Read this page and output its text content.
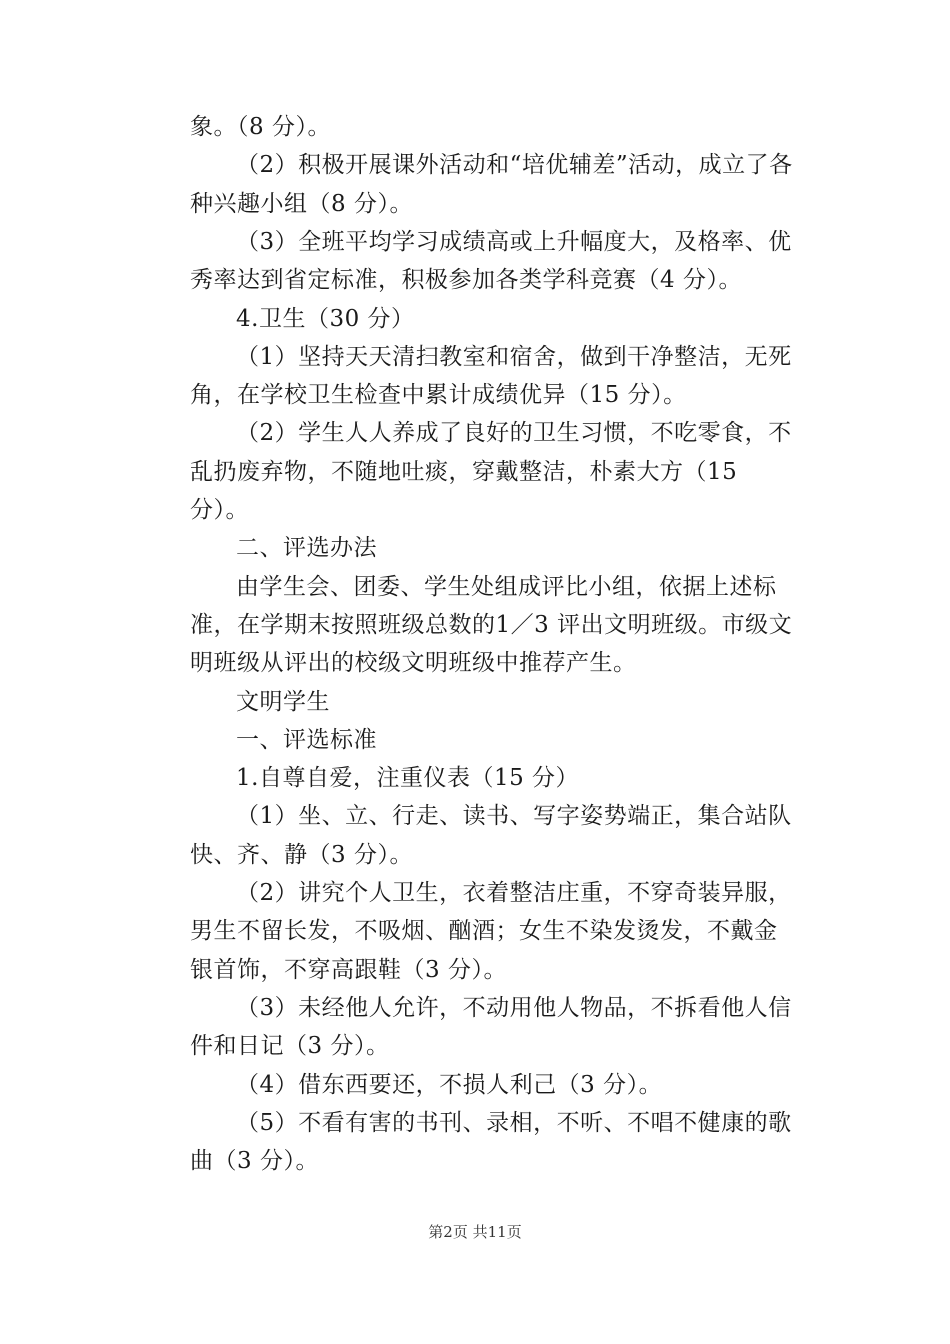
象。（8 分）。
（2）积极开展课外活动和“培优辅差”活动，成立了各
种兴趣小组（8 分）。
（3）全班平均学习成绩高或上升幅度大，及格率、优
秀率达到省定标准，积极参加各类学科竞赛（4 分）。
4.卫生（30 分）
（1）坚持天天清扫教室和宿舍，做到干净整洁，无死
角，在学校卫生检查中累计成绩优异（15 分）。
（2）学生人人养成了良好的卫生习惯，不吃零食，不
乱扔废弃物，不随地吐痰，穿戴整洁，朴素大方（15
分）。
二、评选办法
由学生会、团委、学生处组成评比小组，依据上述标
准，在学期末按照班级总数的1／3 评出文明班级。市级文
明班级从评出的校级文明班级中推荐产生。
文明学生
一、评选标准
1.自尊自爱，注重仪表（15 分）
（1）坐、立、行走、读书、写字姿势端正，集合站队
快、齐、静（3 分）。
（2）讲究个人卫生，衣着整洁庄重，不穿奇装异服，
男生不留长发，不吸烟、酗酒；女生不染发烫发，不戴金
银首饰，不穿高跟鞋（3 分）。
（3）未经他人允许，不动用他人物品，不拆看他人信
件和日记（3 分）。
（4）借东西要还，不损人利己（3 分）。
（5）不看有害的书刊、录相，不听、不唱不健康的歌
曲（3 分）。
第2页 共11页
